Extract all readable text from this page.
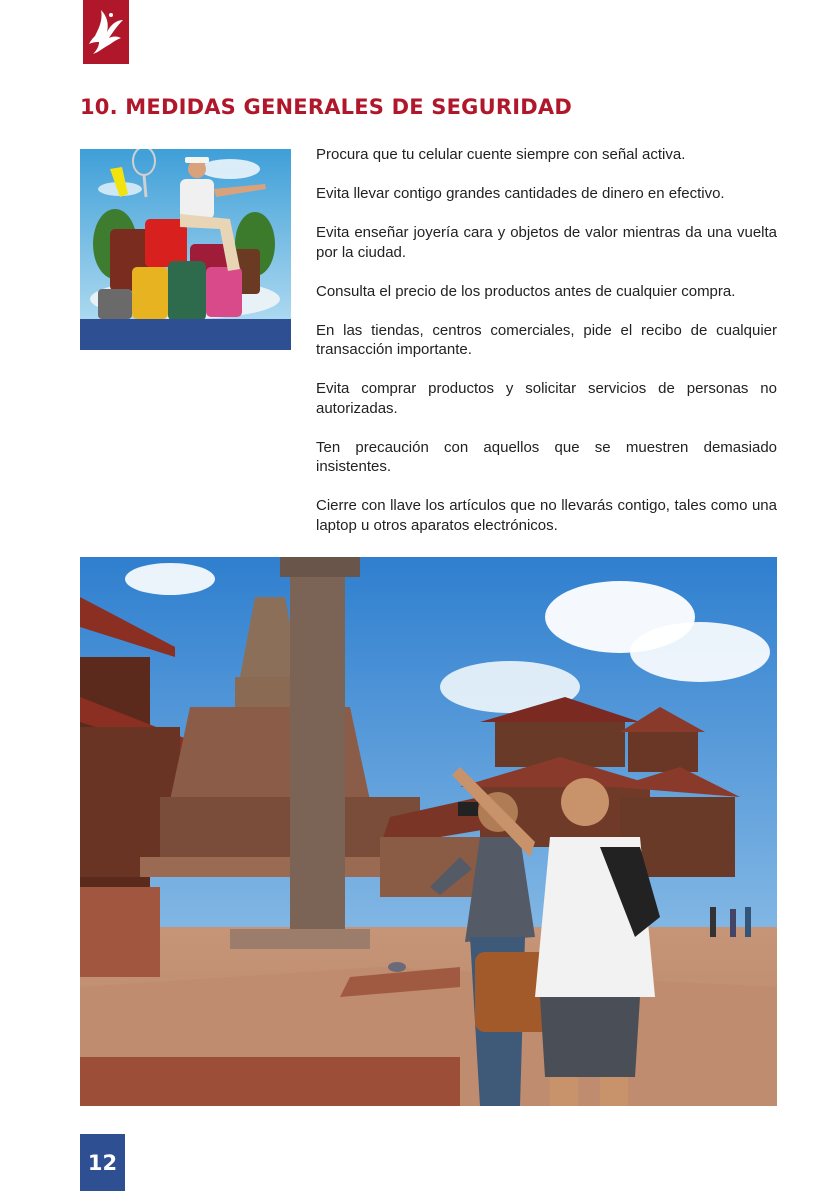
10. MEDIDAS GENERALES DE SEGURIDAD
Procura que tu celular cuente siempre con señal activa.
Evita llevar contigo grandes cantidades de dinero en efectivo.
Evita enseñar joyería cara y objetos de valor mientras da una vuelta por la ciudad.
Consulta el precio de los productos antes de cualquier compra.
En las tiendas, centros comerciales, pide el recibo de cualquier transacción importante.
Evita comprar productos y solicitar servicios de personas no autorizadas.
Ten precaución con aquellos que se muestren demasiado insistentes.
Cierre con llave los artículos que no llevarás contigo, tales como una laptop u otros aparatos electrónicos.
12
